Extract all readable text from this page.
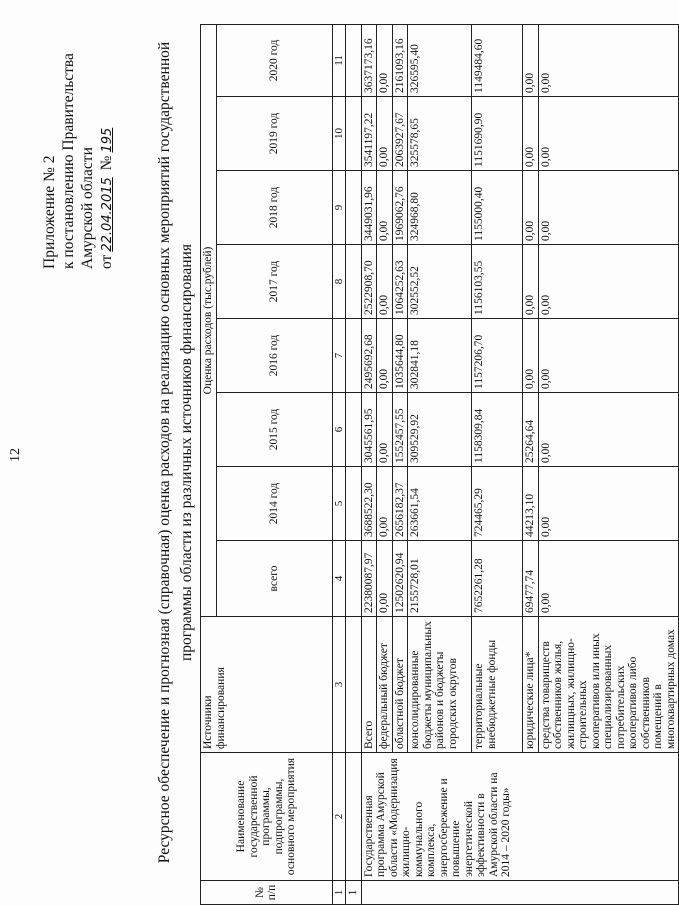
12
Приложение № 2 к постановлению Правительства Амурской области от22.04.2015 №195	Ресурсное обеспечение и прогнозная (справочная) оценка расходов на реализацию основных мероприятий государственной программы области из различных источников финансирования
№ п/п	Наименование государственной программы, подпрограммы, основного мероприятия	Источники финансирования	Оценка расходов (тыс.рублей)							
			всего	2014 год	2015 год	2016 год	2017 год	2018 год	2019 год	2020 год
1	2	3	4	5	6	7	8	9	10	11
1										
	Государственная программа Амурской области «Модернизация жилищно-коммунального комплекса, энергосбережение и повышение энергетической эффективности в Амурской области на 2014 – 2020 годы»	Всего	22380087,97	3688522,30	3045561,95	2495692,68	2522908,70	3449031,96	3541197,22	3637173,16
		федеральный бюджет	0,00	0,00	0,00	0,00	0,00	0,00	0,00	0,00
		областной бюджет	12502620,94	2656182,37	1552457,55	1035644,80	1064252,63	1969062,76	2063927,67	2161093,16
		консолидированные бюджеты муниципальных районов и бюджеты городских округов	2155728,01	263661,54	309529,92	302841,18	302552,52	324968,80	325578,65	326595,40
		территориальные внебюджетные фонды	7652261,28	724465,29	1158309,84	1157206,70	1156103,55	1155000,40	1151690,90	1149484,60
		юридические лица*	69477,74	44213,10	25264,64	0,00	0,00	0,00	0,00	0,00
		средства товариществ собственников жилья, жилищных, жилищно-строительных кооперативов или иных специализированных потребительских кооперативов либо собственников помещений в многоквартирных домах	0,00	0,00	0,00	0,00	0,00	0,00	0,00	0,00
